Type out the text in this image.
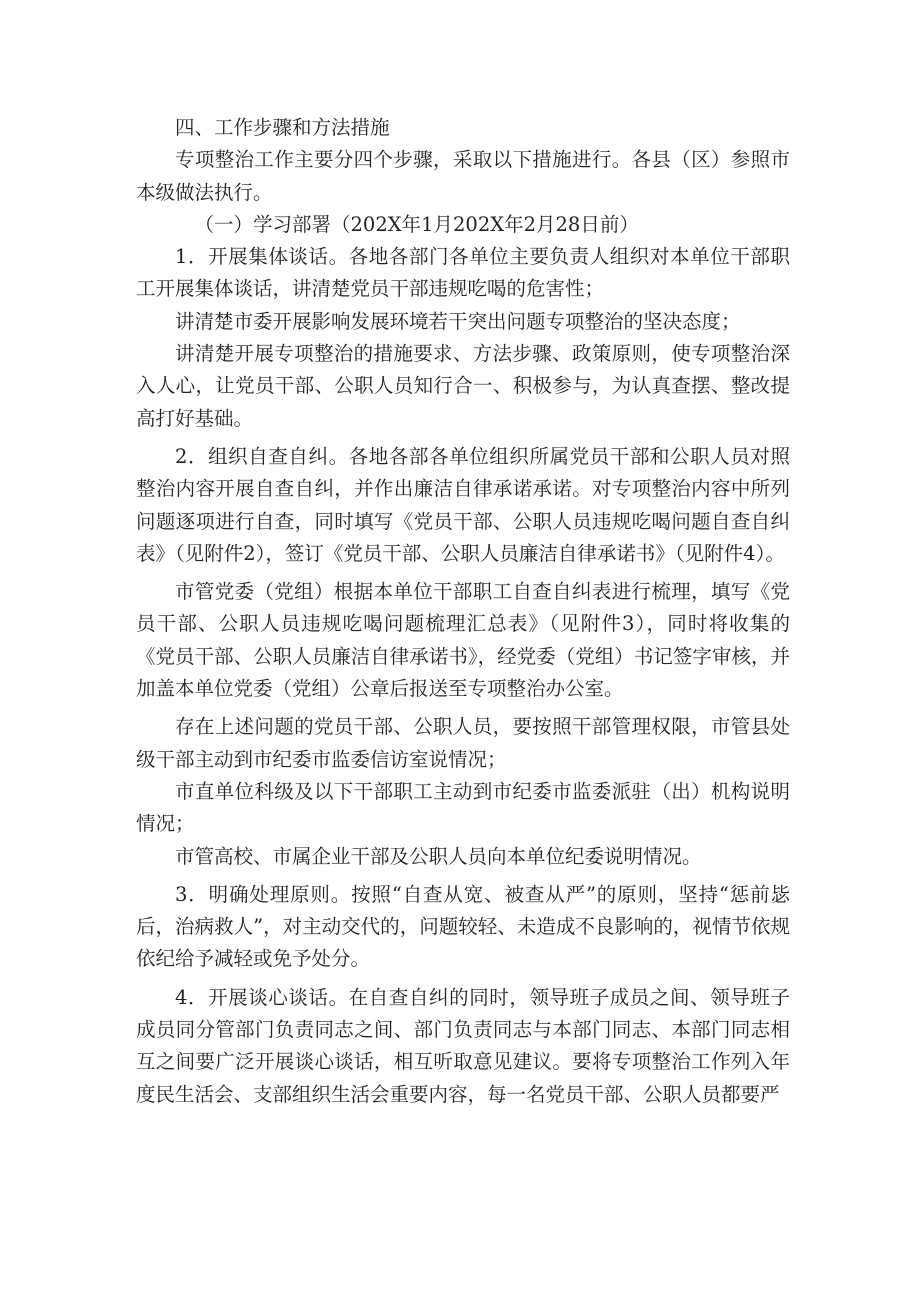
四、工作步骤和方法措施

专项整治工作主要分四个步骤，采取以下措施进行。各县（区）参照市本级做法执行。

（一）学习部署（202X年1月202X年2月28日前）

1．开展集体谈话。各地各部门各单位主要负责人组织对本单位干部职工开展集体谈话，讲清楚党员干部违规吃喝的危害性；

讲清楚市委开展影响发展环境若干突出问题专项整治的坚决态度；

讲清楚开展专项整治的措施要求、方法步骤、政策原则，使专项整治深入人心，让党员干部、公职人员知行合一、积极参与，为认真查摆、整改提高打好基础。

2．组织自查自纠。各地各部各单位组织所属党员干部和公职人员对照整治内容开展自查自纠，并作出廉洁自律承诺承诺。对专项整治内容中所列问题逐项进行自查，同时填写《党员干部、公职人员违规吃喝问题自查自纠表》（见附件2），签订《党员干部、公职人员廉洁自律承诺书》（见附件4）。

市管党委（党组）根据本单位干部职工自查自纠表进行梳理，填写《党员干部、公职人员违规吃喝问题梳理汇总表》（见附件3），同时将收集的《党员干部、公职人员廉洁自律承诺书》，经党委（党组）书记签字审核，并加盖本单位党委（党组）公章后报送至专项整治办公室。

存在上述问题的党员干部、公职人员，要按照干部管理权限，市管县处级干部主动到市纪委市监委信访室说情况；

市直单位科级及以下干部职工主动到市纪委市监委派驻（出）机构说明情况；

市管高校、市属企业干部及公职人员向本单位纪委说明情况。

3．明确处理原则。按照“自查从宽、被查从严”的原则，坚持“惩前毖后，治病救人”，对主动交代的，问题较轻、未造成不良影响的，视情节依规依纪给予减轻或免予处分。

4．开展谈心谈话。在自查自纠的同时，领导班子成员之间、领导班子成员同分管部门负责同志之间、部门负责同志与本部门同志、本部门同志相互之间要广泛开展谈心谈话，相互听取意见建议。要将专项整治工作列入年度民生活会、支部组织生活会重要内容，每一名党员干部、公职人员都要严
